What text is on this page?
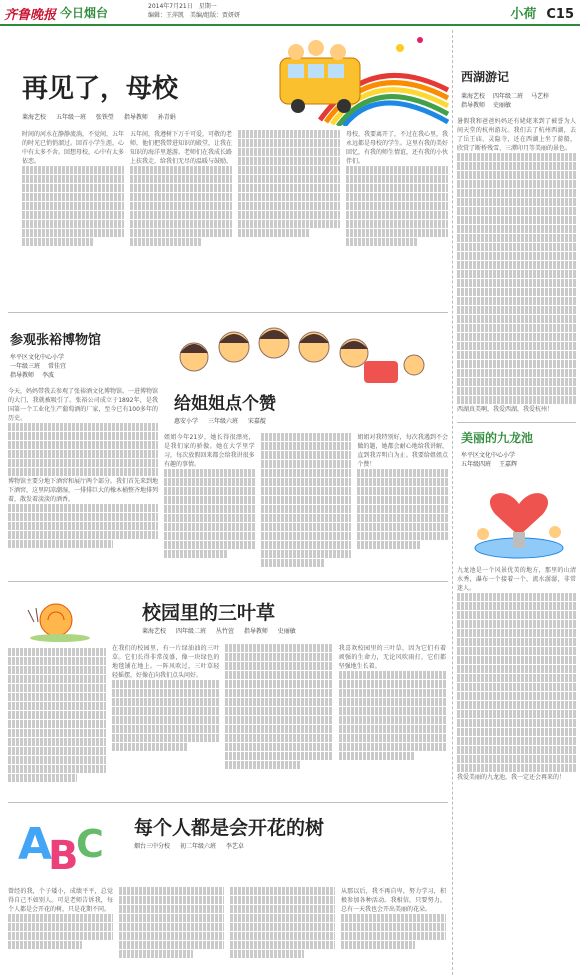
齐鲁晚报 今日烟台	2014年7月21日 星期一
编辑：王萍凯 美编/组版：贾妍妍	小荷 C15
再见了，母校
莱海艺校 五年级一班 张铁瑩 指导教师 孙青娟

时间的河水在静静流淌，不觉间，五年的时光已悄悄溜过。回首小学生涯，心中有太多不舍。回想母校，心中有太多依恋。

五年间，我遵树下万千可爱，可敬的老师，他们把我带进知识的殿堂，让我在知识的海洋里遨游。老师们在我成长路上扶我走，给我们无尽的温暖与鼓励。

母校，我要离开了，不过在我心里，我永远都是母校的学生。这里有我的美好回忆，有我的师生情谊，还有我的小伙伴们。

参观张裕博物馆
牟平区文化中心小学
一年级三班 常佳宜
指导教师 李波

今天，妈妈带我去参观了张裕酒文化博物馆。一进博物馆的大门，我就被吸引了。张裕公司成立于1892年，是我国第一个工业化生产葡萄酒的厂家，至今已有100多年的历史。

博物馆主要分地下酒窖和展厅两个部分。我们首先来到地下酒窖，这里阴凉潮湿，一排排巨大的橡木桶整齐地排列着，散发着淡淡的酒香。

给姐姐点个赞
惠安小学 三年级六班 宋嘉靛

姐姐今年21岁，她长得很漂亮，是我们家的骄傲。她在大学里学习，每次放假回来都会给我讲很多有趣的事情。

姐姐对我特别好，每次我遇到不会做的题，她都会耐心地给我讲解，直到我弄明白为止。我要给姐姐点个赞！

校园里的三叶草
莱海艺校 四年级二班 丛竹萱 指导教师 史丽敏

在我们的校园里，有一片绿油油的三叶草。它们长得非常茂盛，像一块绿色的地毯铺在地上。一阵风吹过，三叶草轻轻摇摆，好像在向我们点头问好。

我喜欢校园里的三叶草，因为它们有着顽强的生命力，无论风吹雨打，它们都坚强地生长着。

A
B
C 每个人都是会开花的树
烟台三中分校 初二年级六班 李艺卓

曾经的我，个子矮小，成绩平平，总觉得自己不如别人。可是老师告诉我，每个人都是会开花的树，只是花期不同。

从那以后，我不再自卑，努力学习，积极参加各种活动。我相信，只要努力，总有一天我也会开出美丽的花朵。

西湖游记
莱海艺校 四年级二班 马艺梓
指导教师 史丽敏

暑假我和爸爸妈妈还有姥姥来到了被誉为人间天堂的杭州游玩。我们去了杭州西湖，去了岳王庙、灵隐寺，还在西湖上坐了游船，欣赏了断桥残雪、三潭印月等美丽的景色。

西湖真美啊，我爱西湖，我爱杭州！

美丽的九龙池
牟平区文化中心小学
五年级四班 王嘉辉

九龙池是一个风景优美的地方，那里的山清水秀，瀑布一个接着一个，流水潺潺，非常迷人。

我爱美丽的九龙池，我一定还会再来的！
